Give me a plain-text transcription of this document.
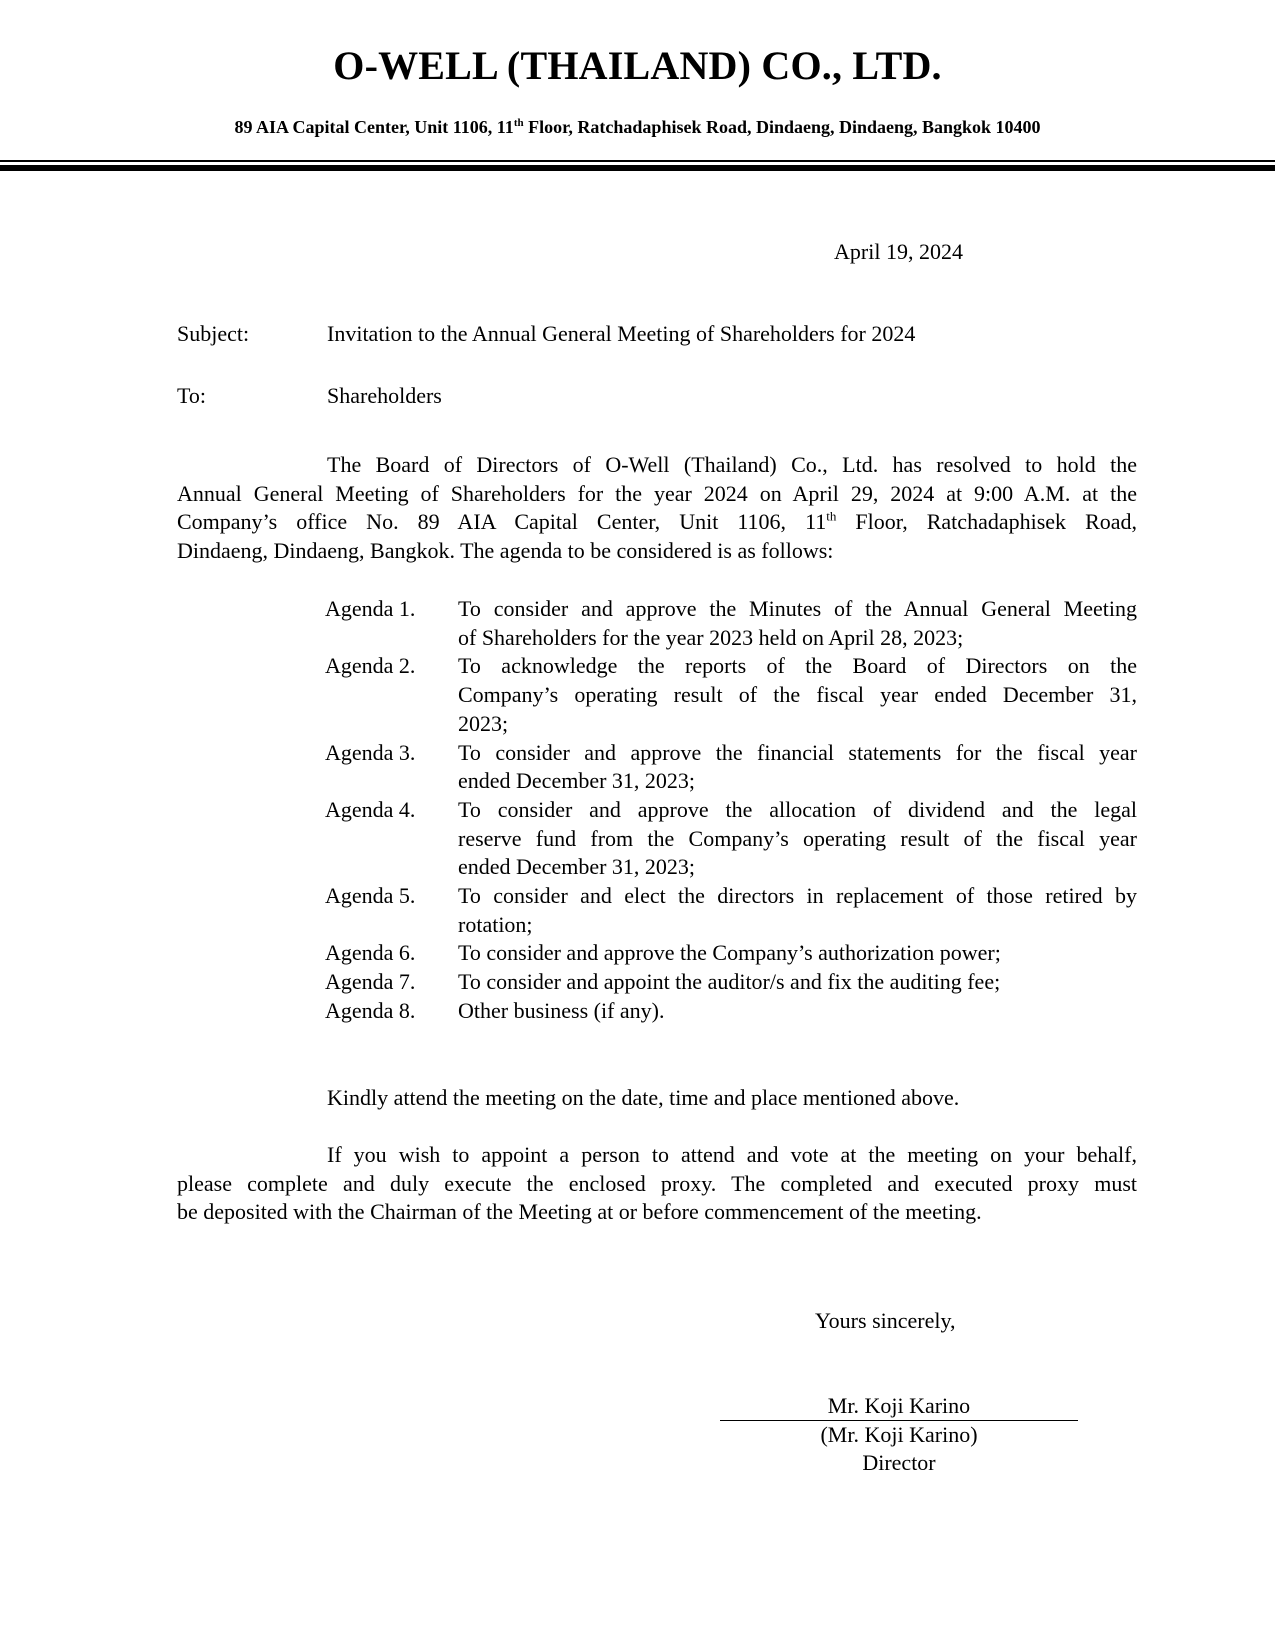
O-WELL (THAILAND) CO., LTD.
89 AIA Capital Center, Unit 1106, 11th Floor, Ratchadaphisek Road, Dindaeng, Dindaeng, Bangkok 10400
April 19, 2024
Subject:	Invitation to the Annual General Meeting of Shareholders for 2024
To:	Shareholders
The Board of Directors of O-Well (Thailand) Co., Ltd. has resolved to hold the
Annual General Meeting of Shareholders for the year 2024 on April 29, 2024 at 9:00 A.M. at the
Company’s office No. 89 AIA Capital Center, Unit 1106, 11th Floor, Ratchadaphisek Road,
Dindaeng, Dindaeng, Bangkok. The agenda to be considered is as follows:
Agenda 1.	To consider and approve the Minutes of the Annual General Meeting
of Shareholders for the year 2023 held on April 28, 2023;
Agenda 2.	To acknowledge the reports of the Board of Directors on the
Company’s operating result of the fiscal year ended December 31,
2023;
Agenda 3.	To consider and approve the financial statements for the fiscal year
ended December 31, 2023;
Agenda 4.	To consider and approve the allocation of dividend and the legal
reserve fund from the Company’s operating result of the fiscal year
ended December 31, 2023;
Agenda 5.	To consider and elect the directors in replacement of those retired by
rotation;
Agenda 6.	To consider and approve the Company’s authorization power;
Agenda 7.	To consider and appoint the auditor/s and fix the auditing fee;
Agenda 8.	Other business (if any).
Kindly attend the meeting on the date, time and place mentioned above.
If you wish to appoint a person to attend and vote at the meeting on your behalf,
please complete and duly execute the enclosed proxy. The completed and executed proxy must
be deposited with the Chairman of the Meeting at or before commencement of the meeting.
Yours sincerely,
Mr. Koji Karino
(Mr. Koji Karino)
Director
